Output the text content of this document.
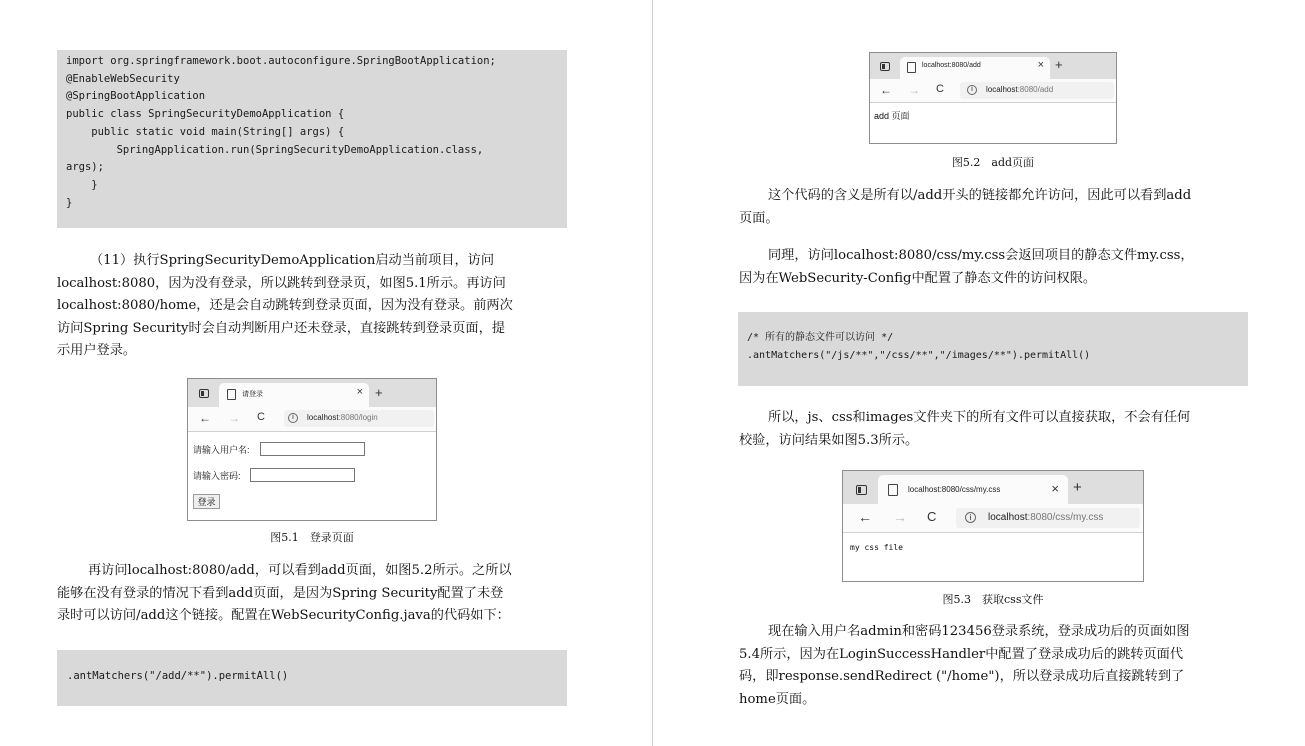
import org.springframework.boot.autoconfigure.SpringBootApplication;
@EnableWebSecurity
@SpringBootApplication
public class SpringSecurityDemoApplication {
public static void main(String[] args) {
SpringApplication.run(SpringSecurityDemoApplication.class,
args);
}
}

（11）执行SpringSecurityDemoApplication启动当前项目，访问

localhost:8080，因为没有登录，所以跳转到登录页，如图5.1所示。再访问

localhost:8080/home，还是会自动跳转到登录页面，因为没有登录。前两次

访问Spring Security时会自动判断用户还未登录，直接跳转到登录页面，提

示用户登录。

请登录	× +
← → C	i	localhost:8080/login
请输入用户名:
请输入密码:
登录
图5.1　登录页面

再访问localhost:8080/add，可以看到add页面，如图5.2所示。之所以

能够在没有登录的情况下看到add页面，是因为Spring Security配置了未登

录时可以访问/add这个链接。配置在WebSecurityConfig.java的代码如下：

.antMatchers("/add/**").permitAll()
localhost:8080/add	× +
← → C	i	localhost:8080/add
add 页面
图5.2　add页面

这个代码的含义是所有以/add开头的链接都允许访问，因此可以看到add

页面。

同理，访问localhost:8080/css/my.css会返回项目的静态文件my.css，

因为在WebSecurity-Config中配置了静态文件的访问权限。

/* 所有的静态文件可以访问 */
.antMatchers("/js/**","/css/**","/images/**").permitAll()

所以，js、css和images文件夹下的所有文件可以直接获取，不会有任何

校验，访问结果如图5.3所示。

localhost:8080/css/my.css	× +
← → C	i	localhost:8080/css/my.css
my css file
图5.3　获取css文件

现在输入用户名admin和密码123456登录系统，登录成功后的页面如图

5.4所示，因为在LoginSuccessHandler中配置了登录成功后的跳转页面代

码，即response.sendRedirect ("/home")，所以登录成功后直接跳转到了

home页面。
